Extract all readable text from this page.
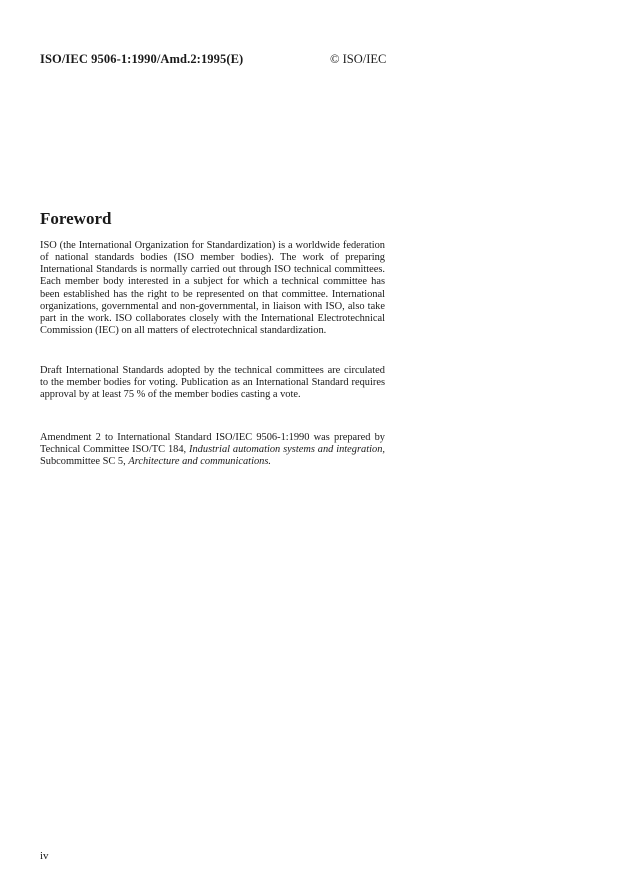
ISO/IEC 9506-1:1990/Amd.2:1995(E)	© ISO/IEC
Foreword

ISO (the International Organization for Standardization) is a worldwide federation of national standards bodies (ISO member bodies). The work of preparing International Standards is normally carried out through ISO technical committees. Each member body interested in a subject for which a technical committee has been established has the right to be represented on that committee. International organizations, governmental and non-governmental, in liaison with ISO, also take part in the work. ISO collaborates closely with the International Electrotechnical Commission (IEC) on all matters of electrotechnical standardization.

Draft International Standards adopted by the technical committees are circulated to the member bodies for voting. Publication as an International Standard requires approval by at least 75 % of the member bodies casting a vote.

Amendment 2 to International Standard ISO/IEC 9506-1:1990 was prepared by Technical Committee ISO/TC 184, Industrial automation systems and integration, Subcommittee SC 5, Architecture and communications.

iv
